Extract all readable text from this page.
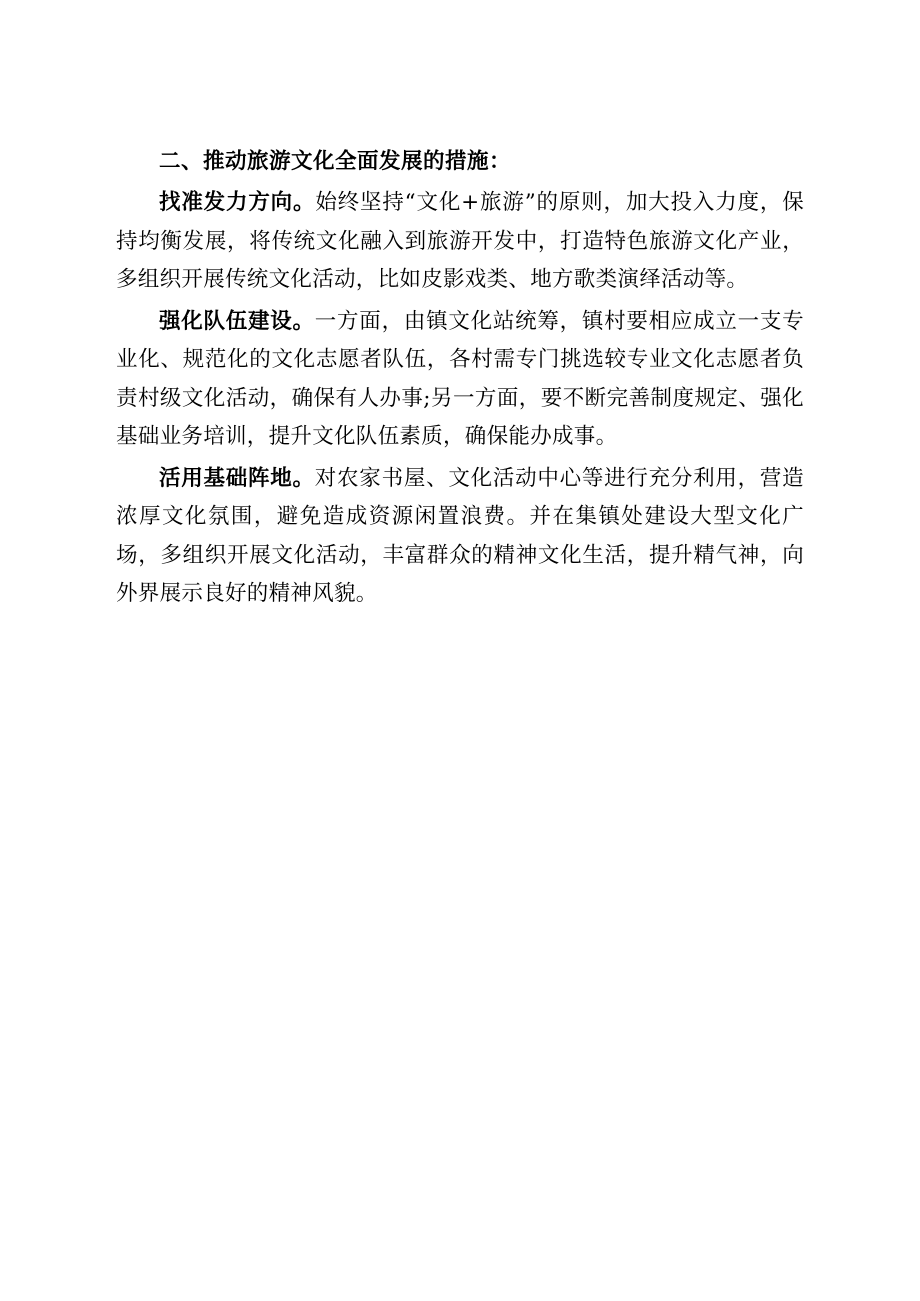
二、推动旅游文化全面发展的措施：

找准发力方向。始终坚持“文化+旅游”的原则，加大投入力度，保持均衡发展，将传统文化融入到旅游开发中，打造特色旅游文化产业，多组织开展传统文化活动，比如皮影戏类、地方歌类演绎活动等。

强化队伍建设。一方面，由镇文化站统筹，镇村要相应成立一支专业化、规范化的文化志愿者队伍，各村需专门挑选较专业文化志愿者负责村级文化活动，确保有人办事;另一方面，要不断完善制度规定、强化基础业务培训，提升文化队伍素质，确保能办成事。

活用基础阵地。对农家书屋、文化活动中心等进行充分利用，营造浓厚文化氛围，避免造成资源闲置浪费。并在集镇处建设大型文化广场，多组织开展文化活动，丰富群众的精神文化生活，提升精气神，向外界展示良好的精神风貌。
